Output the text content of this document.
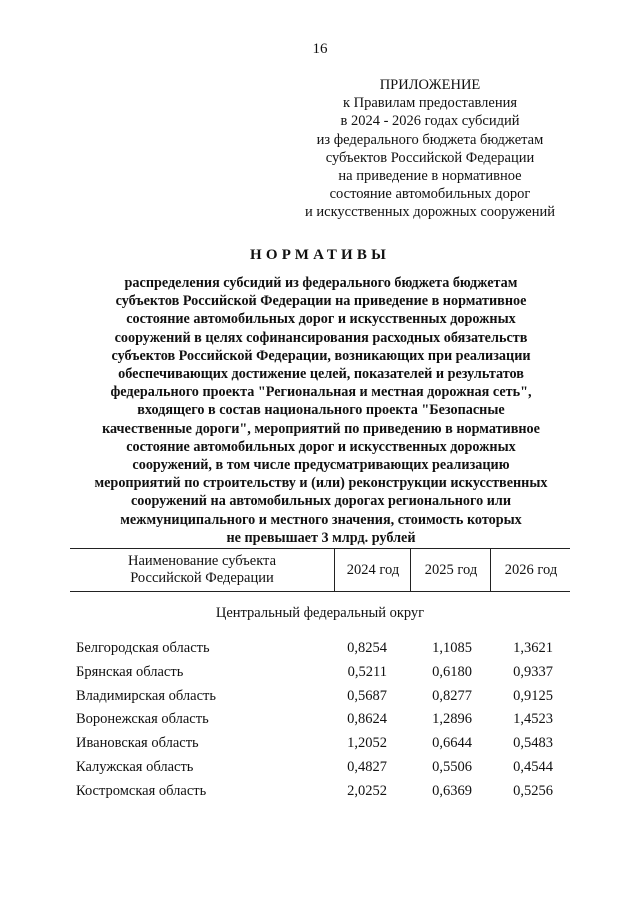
16
ПРИЛОЖЕНИЕ
к Правилам предоставления
в 2024 - 2026 годах субсидий
из федерального бюджета бюджетам
субъектов Российской Федерации
на приведение в нормативное
состояние автомобильных дорог
и искусственных дорожных сооружений
НОРМАТИВЫ
распределения субсидий из федерального бюджета бюджетам
субъектов Российской Федерации на приведение в нормативное
состояние автомобильных дорог и искусственных дорожных
сооружений в целях софинансирования расходных обязательств
субъектов Российской Федерации, возникающих при реализации
обеспечивающих достижение целей, показателей и результатов
федерального проекта "Региональная и местная дорожная сеть",
входящего в состав национального проекта "Безопасные
качественные дороги", мероприятий по приведению в нормативное
состояние автомобильных дорог и искусственных дорожных
сооружений, в том числе предусматривающих реализацию
мероприятий по строительству и (или) реконструкции искусственных
сооружений на автомобильных дорогах регионального или
межмуниципального и местного значения, стоимость которых
не превышает 3 млрд. рублей
Наименование субъекта
Российской Федерации
2024 год	2025 год	2026 год
Центральный федеральный округ
Белгородская область	0,8254	1,1085	1,3621
Брянская область	0,5211	0,6180	0,9337
Владимирская область	0,5687	0,8277	0,9125
Воронежская область	0,8624	1,2896	1,4523
Ивановская область	1,2052	0,6644	0,5483
Калужская область	0,4827	0,5506	0,4544
Костромская область	2,0252	0,6369	0,5256
